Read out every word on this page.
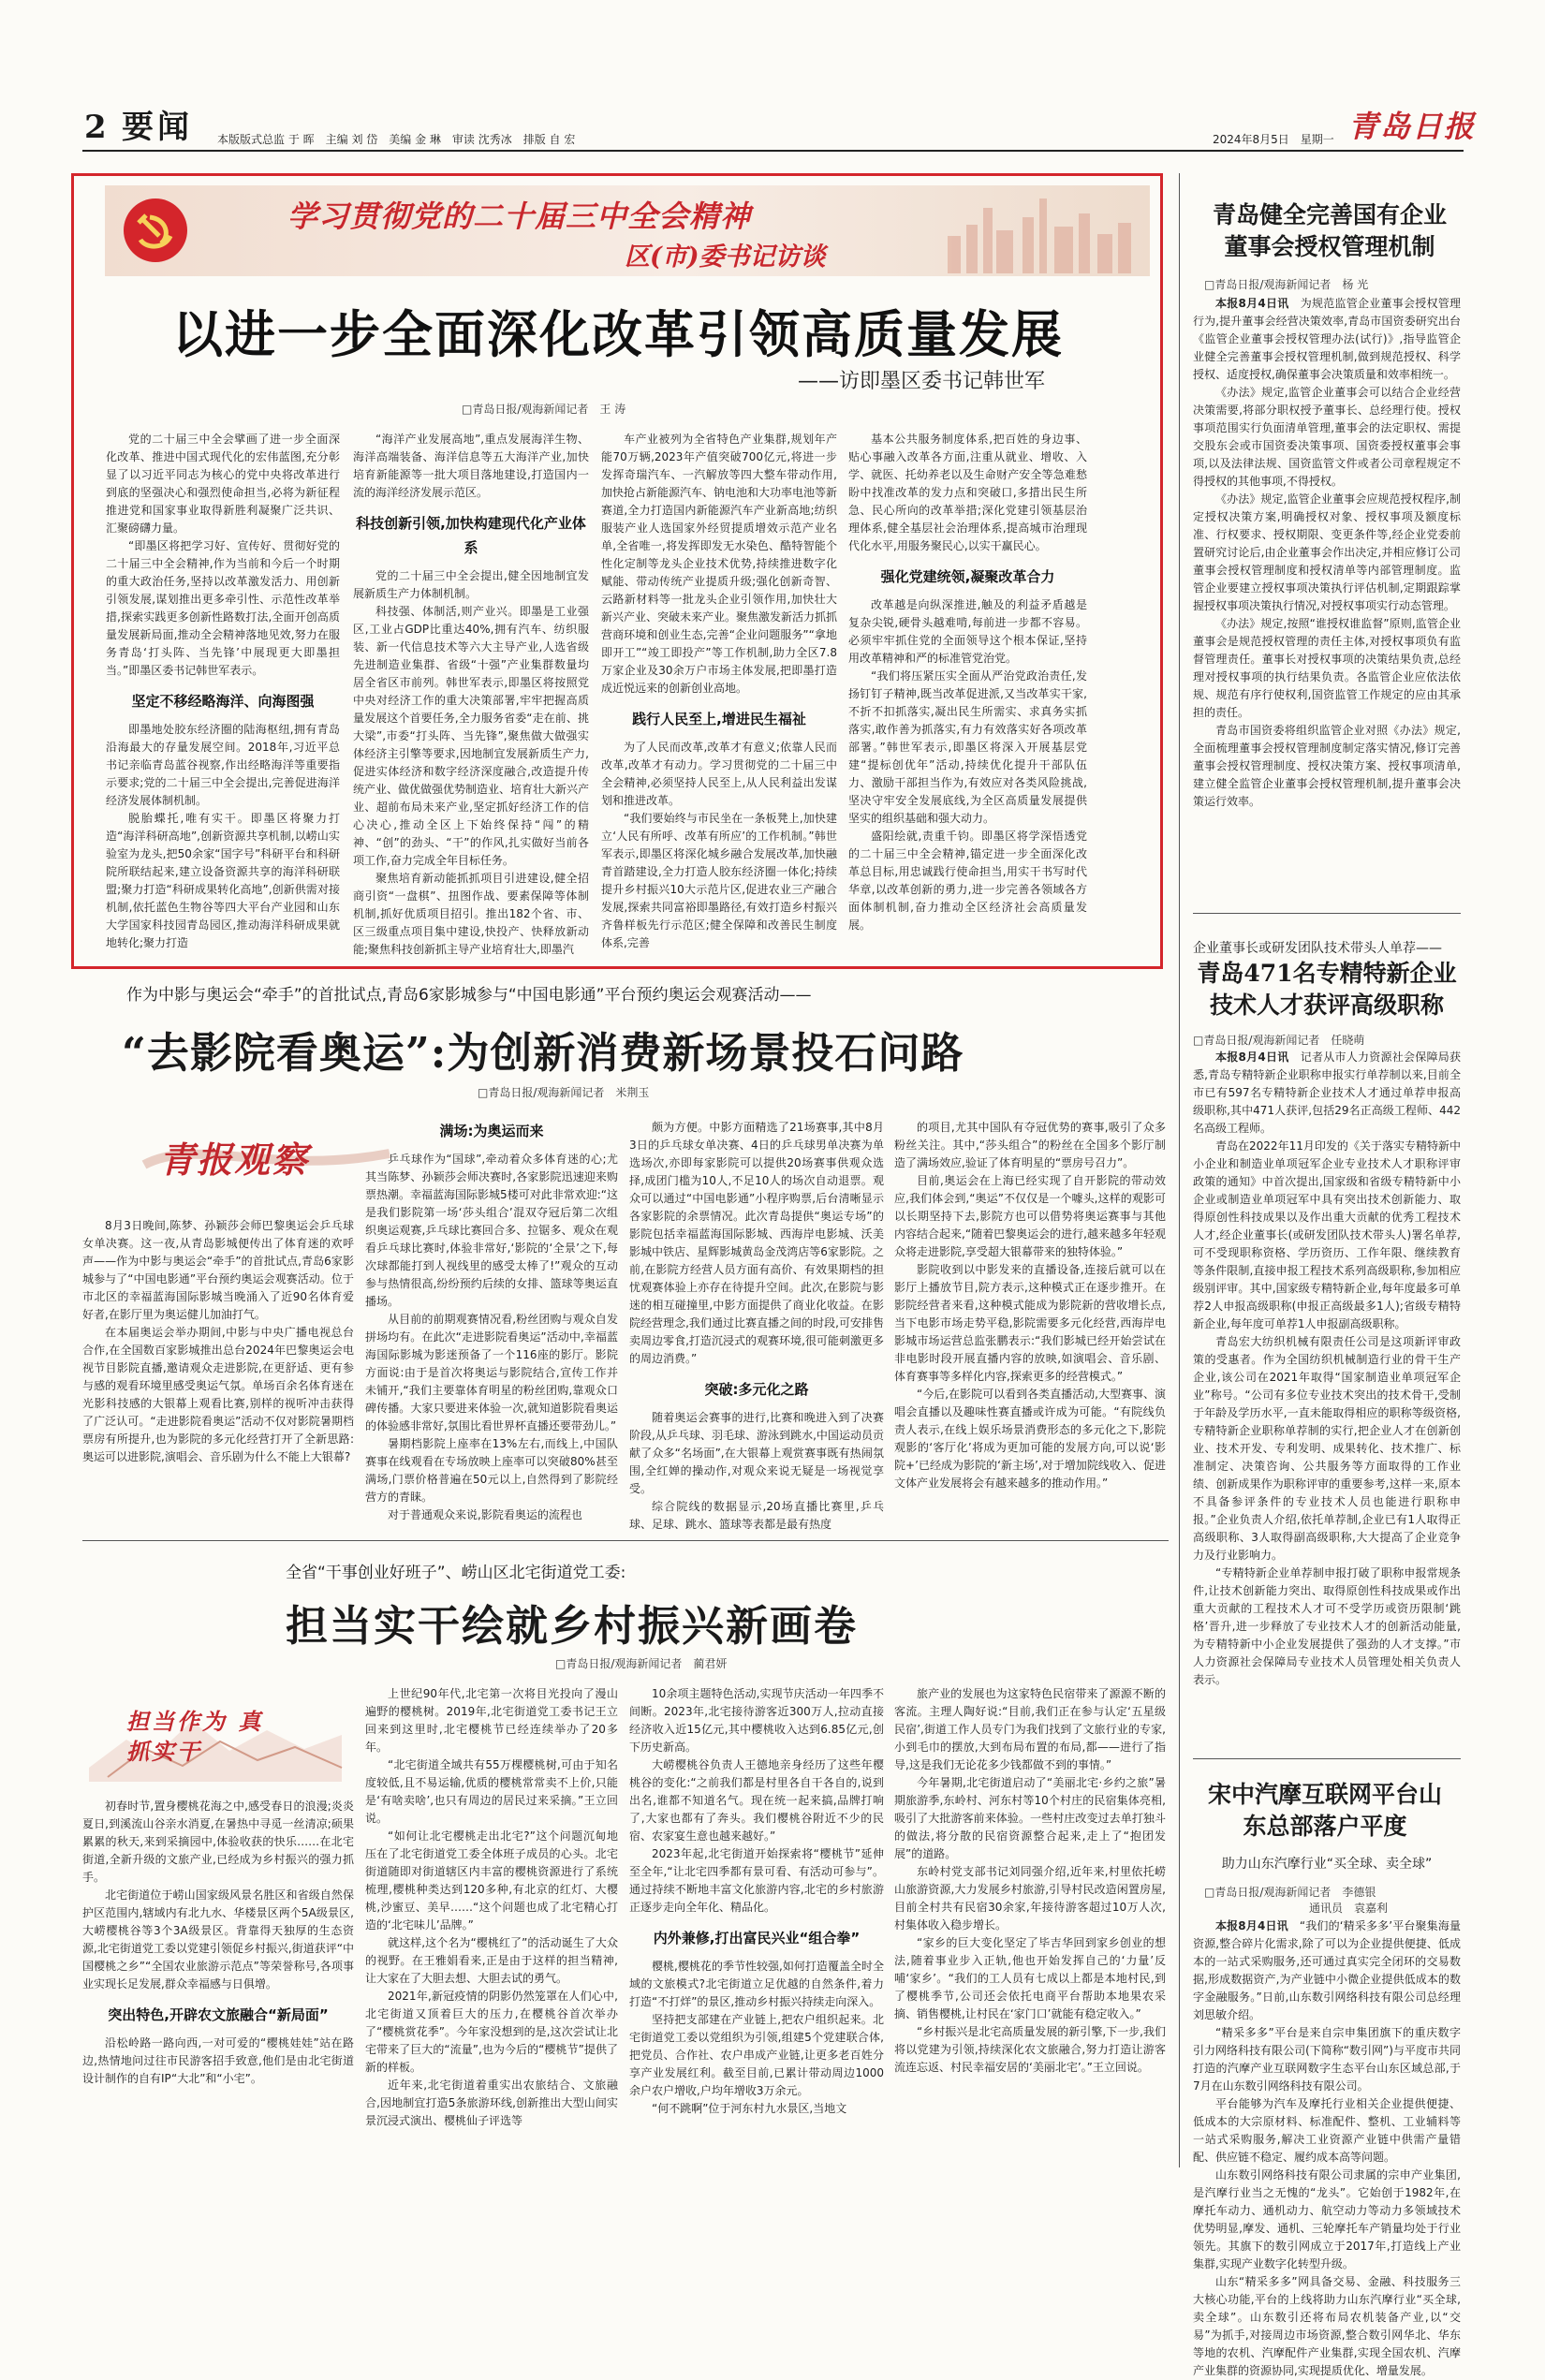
2 要闻 本版版式总监 于 晖　主编 刘 岱　美编 金 琳　审读 沈秀冰　排版 自 宏	2024年8月5日　星期一 青岛日报
学习贯彻党的二十届三中全会精神
区(市)委书记访谈
以进一步全面深化改革引领高质量发展
——访即墨区委书记韩世军
□青岛日报/观海新闻记者　王 涛

党的二十届三中全会擘画了进一步全面深化改革、推进中国式现代化的宏伟蓝图,充分彰显了以习近平同志为核心的党中央将改革进行到底的坚强决心和强烈使命担当,必将为新征程推进党和国家事业取得新胜利凝聚广泛共识、汇聚磅礴力量。

“即墨区将把学习好、宣传好、贯彻好党的二十届三中全会精神,作为当前和今后一个时期的重大政治任务,坚持以改革激发活力、用创新引领发展,谋划推出更多牵引性、示范性改革举措,探索实践更多创新性路数打法,全面开创高质量发展新局面,推动全会精神落地见效,努力在服务青岛‘打头阵、当先锋’中展现更大即墨担当。”即墨区委书记韩世军表示。

坚定不移经略海洋、向海图强

即墨地处胶东经济圈的陆海枢纽,拥有青岛沿海最大的存量发展空间。2018年,习近平总书记亲临青岛蓝谷视察,作出经略海洋等重要指示要求;党的二十届三中全会提出,完善促进海洋经济发展体制机制。

脱胎蝶托,唯有实干。即墨区将聚力打造“海洋科研高地”,创新资源共享机制,以崂山实验室为龙头,把50余家“国字号”科研平台和科研院所联结起来,建立设备资源共享的海洋科研联盟;聚力打造“科研成果转化高地”,创新供需对接机制,依托蓝色生物谷等四大平台产业园和山东大学国家科技园青岛园区,推动海洋科研成果就地转化;聚力打造

“海洋产业发展高地”,重点发展海洋生物、海洋高端装备、海洋信息等五大海洋产业,加快培育新能源等一批大项目落地建设,打造国内一流的海洋经济发展示范区。

科技创新引领,加快构建现代化产业体系

党的二十届三中全会提出,健全因地制宜发展新质生产力体制机制。

科技强、体制活,则产业兴。即墨是工业强区,工业占GDP比重达40%,拥有汽车、纺织服装、新一代信息技术等六大主导产业,人选省级先进制造业集群、省级“十强”产业集群数量均居全省区市前列。韩世军表示,即墨区将按照党中央对经济工作的重大决策部署,牢牢把握高质量发展这个首要任务,全力服务省委“走在前、挑大梁”,市委“打头阵、当先锋”,聚焦做大做强实体经济主引擎等要求,因地制宜发展新质生产力,促进实体经济和数字经济深度融合,改造提升传统产业、做优做强优势制造业、培育壮大新兴产业、超前布局未来产业,坚定抓好经济工作的信心决心,推动全区上下始终保持“闯”的精神、“创”的劲头、“干”的作风,扎实做好当前各项工作,奋力完成全年目标任务。

聚焦培育新动能抓抓项目引进建设,健全招商引资“一盘棋”、扭图作战、要素保障等体制机制,抓好优质项目招引。推出182个省、市、区三级重点项目集中建设,快投产、快释放新动能;聚焦科技创新抓主导产业培育壮大,即墨汽

车产业被列为全省特色产业集群,规划年产能70万辆,2023年产值突破700亿元,将进一步发挥奇瑞汽车、一汽解放等四大整车带动作用,加快抢占新能源汽车、钠电池和大功率电池等新赛道,全力打造国内新能源汽车产业新高地;纺织服装产业人选国家外经贸提质增效示范产业名单,全省唯一,将发挥即发无水染色、酷特智能个性化定制等龙头企业技术优势,持续推进数字化赋能、带动传统产业提质升级;强化创新奇智、云路新材料等一批龙头企业引领作用,加快壮大新兴产业、突破未来产业。聚焦激发新活力抓抓营商环境和创业生态,完善“企业问题服务”“拿地即开工”“竣工即投产”等工作机制,助力全区7.8万家企业及30余万户市场主体发展,把即墨打造成近悦远来的创新创业高地。

践行人民至上,增进民生福祉

为了人民而改革,改革才有意义;依靠人民而改革,改革才有动力。学习贯彻党的二十届三中全会精神,必须坚持人民至上,从人民利益出发谋划和推进改革。

“我们要始终与市民坐在一条板凳上,加快建立‘人民有所呼、改革有所应’的工作机制。”韩世军表示,即墨区将深化城乡融合发展改革,加快融青首踏建设,全力打造人胶东经济圈一体化;持续提升乡村振兴10大示范片区,促进农业三产融合发展,探索共同富裕即墨路径,有效打造乡村振兴齐鲁样板先行示范区;健全保障和改善民生制度体系,完善

基本公共服务制度体系,把百姓的身边事、贴心事融入改革各方面,注重从就业、增收、入学、就医、托幼养老以及生命财产安全等急难愁盼中找准改革的发力点和突破口,多措出民生所急、民心所向的改革举措;深化党建引领基层治理体系,健全基层社会治理体系,提高城市治理现代化水平,用服务聚民心,以实干赢民心。

强化党建统领,凝聚改革合力

改革越是向纵深推进,触及的利益矛盾越是复杂尖锐,硬骨头越难啃,每前进一步都不容易。必须牢牢抓住党的全面领导这个根本保证,坚持用改革精神和严的标准管党治党。

“我们将压紧压实全面从严治党政治责任,发扬钉钉子精神,既当改革促进派,又当改革实干家,不折不扣抓落实,凝出民生所需实、求真务实抓落实,敢作善为抓落实,有力有效落实好各项改革部署。”韩世军表示,即墨区将深入开展基层党建“提标创优年”活动,持续优化提升干部队伍力、激励干部担当作为,有效应对各类风险挑战,坚决守牢安全发展底线,为全区高质量发展提供坚实的组织基础和强大动力。

盛阳绘就,责重千钧。即墨区将学深悟透党的二十届三中全会精神,锚定进一步全面深化改革总目标,用忠诚践行使命担当,用实干书写时代华章,以改革创新的勇力,进一步完善各领域各方面体制机制,奋力推动全区经济社会高质量发展。

青岛健全完善国有企业董事会授权管理机制
□青岛日报/观海新闻记者　杨 光

本报8月4日讯　 为规范监管企业董事会授权管理行为,提升董事会经营决策效率,青岛市国资委研究出台《监管企业董事会授权管理办法(试行)》,指导监管企业健全完善董事会授权管理机制,做到规范授权、科学授权、适度授权,确保董事会决策质量和效率相统一。

《办法》规定,监管企业董事会可以结合企业经营决策需要,将部分职权授予董事长、总经理行使。授权事项范围实行负面清单管理,董事会的法定职权、需提交股东会或市国资委决策事项、国资委授权董事会事项,以及法律法规、国资监管文件或者公司章程规定不得授权的其他事项,不得授权。

《办法》规定,监管企业董事会应规范授权程序,制定授权决策方案,明确授权对象、授权事项及额度标准、行权要求、授权期限、变更条件等,经企业党委前置研究讨论后,由企业董事会作出决定,并相应修订公司董事会授权管理制度和授权清单等内部管理制度。监管企业要建立授权事项决策执行评估机制,定期跟踪掌握授权事项决策执行情况,对授权事项实行动态管理。

《办法》规定,按照“谁授权谁监督”原则,监管企业董事会是规范授权管理的责任主体,对授权事项负有监督管理责任。董事长对授权事项的决策结果负责,总经理对授权事项的执行结果负责。各监管企业应依法依规、规范有序行使权利,国资监管工作规定的应由其承担的责任。

青岛市国资委将组织监管企业对照《办法》规定,全面梳理董事会授权管理制度制定落实情况,修订完善董事会授权管理制度、授权决策方案、授权事项清单,建立健全监管企业董事会授权管理机制,提升董事会决策运行效率。

企业董事长或研发团队技术带头人单荐——
青岛471名专精特新企业技术人才获评高级职称
□青岛日报/观海新闻记者　任晓萌

本报8月4日讯　 记者从市人力资源社会保障局获悉,青岛专精特新企业职称申报实行单荐制以来,目前全市已有597名专精特新企业技术人才通过单荐申报高级职称,其中471人获评,包括29名正高级工程师、442名高级工程师。

青岛在2022年11月印发的《关于落实专精特新中小企业和制造业单项冠军企业专业技术人才职称评审政策的通知》中首次提出,国家级和省级专精特新中小企业或制造业单项冠军中具有突出技术创新能力、取得原创性科技成果以及作出重大贡献的优秀工程技术人才,经企业董事长(或研发团队技术带头人)署名单荐,可不受现职称资格、学历资历、工作年限、继续教育等条件限制,直接申报工程技术系列高级职称,参加相应级别评审。其中,国家级专精特新企业,每年度最多可单荐2人申报高级职称(申报正高级最多1人);省级专精特新企业,每年度可单荐1人申报副高级职称。

青岛宏大纺织机械有限责任公司是这项新评审政策的受惠者。作为全国纺织机械制造行业的骨干生产企业,该公司在2021年取得“国家制造业单项冠军企业”称号。“公司有多位专业技术突出的技术骨干,受制于年龄及学历水平,一直未能取得相应的职称等级资格,专精特新企业职称单荐制的实行,把企业人才在创新创业、技术开发、专利发明、成果转化、技术推广、标准制定、决策咨询、公共服务等方面取得的工作业绩、创新成果作为职称评审的重要参考,这样一来,原本不具备参评条件的专业技术人员也能进行职称申报。”企业负责人介绍,依托单荐制,企业已有1人取得正高级职称、3人取得副高级职称,大大提高了企业竞争力及行业影响力。

“专精特新企业单荐制申报打破了职称申报常规条件,让技术创新能力突出、取得原创性科技成果或作出重大贡献的工程技术人才可不受学历或资历限制‘跳格’晋升,进一步释放了专业技术人才的创新活动能量,为专精特新中小企业发展提供了强劲的人才支撑。”市人力资源社会保障局专业技术人员管理处相关负责人表示。

宋中汽摩互联网平台山东总部落户平度
助力山东汽摩行业“买全球、卖全球”
□青岛日报/观海新闻记者　李德银
通讯员　袁嘉利

本报8月4日讯　 “我们的‘精采多多’平台聚集海量资源,整合碎片化需求,除了可以为企业提供便捷、低成本的一站式采购服务,还可通过真实完全闭环的交易数据,形成数据资产,为产业链中小微企业提供低成本的数字金融服务。”日前,山东数引网络科技有限公司总经理刘思敏介绍。

“精采多多”平台是来自宗申集团旗下的重庆数字引力网络科技有限公司(下简称“数引网”)与平度市共同打造的汽摩产业互联网数字生态平台山东区域总部,于7月在山东数引网络科技有限公司。

平台能够为汽车及摩托行业相关企业提供便捷、低成本的大宗原材料、标准配件、整机、工业辅料等一站式采购服务,解决工业资源产业链中供需产量错配、供应链不稳定、履约成本高等问题。

山东数引网络科技有限公司隶属的宗申产业集团,是汽摩行业当之无愧的“龙头”。它始创于1982年,在摩托车动力、通机动力、航空动力等动力多领域技术优势明显,摩发、通机、三轮摩托车产销量均处于行业领先。其旗下的数引网成立于2017年,打造线上产业集群,实现产业数字化转型升级。

山东“精采多多”网具备交易、金融、科技服务三大核心功能,平台的上线将助力山东汽摩行业“买全球,卖全球”。山东数引还将布局农机装备产业,以“交易”为抓手,对接周边市场资源,整合数引网华北、华东等地的农机、汽摩配件产业集群,实现全国农机、汽摩产业集群的资源协同,实现提质优化、增量发展。

作为中影与奥运会“牵手”的首批试点,青岛6家影城参与“中国电影通”平台预约奥运会观赛活动——
“去影院看奥运”:为创新消费新场景投石问路
□青岛日报/观海新闻记者　米荆玉
青报观察

8月3日晚间,陈梦、孙颖莎会师巴黎奥运会乒乓球女单决赛。这一夜,从青岛影城便传出了体育迷的欢呼声——作为中影与奥运会“牵手”的首批试点,青岛6家影城参与了“中国电影通”平台预约奥运会观赛活动。位于市北区的幸福蓝海国际影城当晚涌入了近90名体育爱好者,在影厅里为奥运健儿加油打气。

在本届奥运会举办期间,中影与中央广播电视总台合作,在全国数百家影城推出总台2024年巴黎奥运会电视节目影院直播,邀请观众走进影院,在更舒适、更有参与感的观看环境里感受奥运气氛。单场百余名体育迷在光影科技感的大银幕上观看比赛,别样的视听冲击获得了广泛认可。“走进影院看奥运”活动不仅对影院暑期档票房有所提升,也为影院的多元化经营打开了全新思路:奥运可以进影院,演唱会、音乐剧为什么不能上大银幕?

满场:为奥运而来

乒乓球作为“国球”,牵动着众多体育迷的心;尤其当陈梦、孙颖莎会师决赛时,各家影院迅速迎来购票热潮。幸福蓝海国际影城5楼可对此非常欢迎:“这是我们影院第一场‘莎头组合’混双夺冠后第二次组织奥运观赛,乒乓球比赛回合多、拉锯多、观众在观看乒乓球比赛时,体验非常好,‘影院的‘全景’之下,每次球都能打到人视线里的感受太棒了!”观众的互动参与热情很高,纷纷预约后续的女排、篮球等奥运直播场。

从目前的前期观赛情况看,粉丝团购与观众自发拼场均有。在此次“走进影院看奥运”活动中,幸福蓝海国际影城为影迷预备了一个116座的影厅。影院方面说:由于是首次将奥运与影院结合,宣传工作并未铺开,“我们主要靠体育明星的粉丝团购,靠观众口碑传播。大家只要进来体验一次,就知道影院看奥运的体验感非常好,氛围比看世界杯直播还要带劲儿。”

暑期档影院上座率在13%左右,而线上,中国队赛事在线观看在专场放映上座率可以突破80%甚至满场,门票价格普遍在50元以上,自然得到了影院经营方的青睐。

对于普通观众来说,影院看奥运的流程也

颇为方便。中影方面精选了21场赛事,其中8月3日的乒乓球女单决赛、4日的乒乓球男单决赛为单选场次,亦即每家影院可以提供20场赛事供观众选择,成团门槛为10人,不足10人的场次自动退票。观众可以通过“中国电影通”小程序购票,后台清晰显示各家影院的余票情况。此次青岛提供“奥运专场”的影院包括幸福蓝海国际影城、西海岸电影城、沃美影城中铁店、星辉影城黄岛金茂湾店等6家影院。之前,在影院方经营人员方面有高价、有效果期档的担忧观赛体验上亦存在待提升空间。此次,在影院与影迷的相互碰撞里,中影方面提供了商业化收益。在影院经营理念,我们通过比赛直播之间的时段,可安排售卖周边零食,打造沉浸式的观赛环境,很可能刺激更多的周边消费。”

突破:多元化之路

随着奥运会赛事的进行,比赛和晚进入到了决赛阶段,从乒乓球、羽毛球、游泳到跳水,中国运动员贡献了众多“名场面”,在大银幕上观赏赛事既有热闹氛围,全红婵的操动作,对观众来说无疑是一场视觉享受。

综合院线的数据显示,20场直播比赛里,乒乓球、足球、跳水、篮球等表都是最有热度

的项目,尤其中国队有夺冠优势的赛事,吸引了众多粉丝关注。其中,“莎头组合”的粉丝在全国多个影厅制造了满场效应,验证了体育明星的“票房号召力”。

目前,奥运会在上海已经实现了自开影院的带动效应,我们体会到,“奥运”不仅仅是一个噱头,这样的观影可以长期坚持下去,影院方也可以借势将奥运赛事与其他内容结合起来,“随着巴黎奥运会的进行,越来越多年轻观众将走进影院,享受超大银幕带来的独特体验。”

影院收到以中影发来的直播设备,连接后就可以在影厅上播放节目,院方表示,这种模式正在逐步推开。在影院经营者来看,这种模式能成为影院新的营收增长点,当下电影市场走势平稳,影院需要多元化经营,西海岸电影城市场运营总监张鹏表示:“我们影城已经开始尝试在非电影时段开展直播内容的放映,如演唱会、音乐剧、体育赛事等多样化内容,探索更多的经营模式。”

“今后,在影院可以看到各类直播活动,大型赛事、演唱会直播以及趣味性赛直播或许成为可能。“有院线负责人表示,在线上娱乐场景消费形态的多元化之下,影院观影的‘客厅化’将成为更加可能的发展方向,可以说‘影院+’已经成为影院的‘新主场’,对于增加院线收入、促进文体产业发展将会有越来越多的推动作用。”

全省“干事创业好班子”、崂山区北宅街道党工委:
担当实干绘就乡村振兴新画卷
□青岛日报/观海新闻记者　蔺君妍
担当作为 真抓实干

初春时节,置身樱桃花海之中,感受春日的浪漫;炎炎夏日,到溪流山谷亲水消夏,在暑热中寻觅一丝清凉;硕果累累的秋天,来到采摘园中,体验收获的快乐……在北宅街道,全新升级的文旅产业,已经成为乡村振兴的强力抓手。

北宅街道位于崂山国家级风景名胜区和省级自然保护区范围内,辖域内有北九水、华楼景区两个5A级景区,大崂樱桃谷等3个3A级景区。背靠得天独厚的生态资源,北宅街道党工委以党建引领促乡村振兴,街道获评“中国樱桃之乡”“全国农业旅游示范点”等荣誉称号,各项事业实现长足发展,群众幸福感与日俱增。

突出特色,开辟农文旅融合“新局面”

沿松岭路一路向西,一对可爱的“樱桃娃娃”站在路边,热情地问过往市民游客招手致意,他们是由北宅街道设计制作的自有IP“大北”和“小宅”。

上世纪90年代,北宅第一次将目光投向了漫山遍野的樱桃树。2019年,北宅街道党工委书记王立回来到这里时,北宅樱桃节已经连续举办了20多年。

“北宅街道全域共有55万棵樱桃树,可由于知名度较低,且不易运输,优质的樱桃常常卖不上价,只能是‘有啥卖啥’,也只有周边的居民过来采摘。”王立回说。

“如何让北宅樱桃走出北宅?”这个问题沉甸地压在了北宅街道党工委全体班子成员的心头。北宅街道随即对街道辖区内丰富的樱桃资源进行了系统梳理,樱桃种类达到120多种,有北京的红灯、大樱桃,沙蜜豆、美早……“这个问题也成了北宅精心打造的‘北宅味儿’品牌。”

就这样,这个名为“樱桃红了”的活动诞生了大众的视野。在王雅娟看来,正是由于这样的担当精神,让大家在了大胆去想、大胆去试的勇气。

2021年,新冠疫情的阴影仍然笼罩在人们心中,北宅街道又顶着巨大的压力,在樱桃谷首次举办了“樱桃赏花季”。今年家没想到的是,这次尝试让北宅带来了巨大的“流量”,也为今后的“樱桃节”提供了新的样板。

近年来,北宅街道着重实出农旅结合、文旅融合,因地制宜打造5条旅游环线,创新推出大型山间实景沉浸式演出、樱桃仙子评选等

10余项主题特色活动,实现节庆活动一年四季不间断。2023年,北宅接待游客近300万人,拉动直接经济收入近15亿元,其中樱桃收入达到6.85亿元,创下历史新高。

大崂樱桃谷负责人王德地亲身经历了这些年樱桃谷的变化:“之前我们都是村里各自干各自的,说到出名,谁都不知道名气。现在统一起来搞,品牌打响了,大家也都有了奔头。我们樱桃谷附近不少的民宿、农家宴生意也越来越好。”

2023年起,北宅街道开始探索将“樱桃节”延伸至全年,“让北宅四季都有景可看、有活动可参与”。通过持续不断地丰富文化旅游内容,北宅的乡村旅游正逐步走向全年化、精品化。

内外兼修,打出富民兴业“组合拳”

樱桃,樱桃花的季节性较强,如何打造覆盖全时全域的文旅模式?北宅街道立足优越的自然条件,着力打造“不打烊”的景区,推动乡村振兴持续走向深入。

坚持把支部建在产业链上,把农户组织起来。北宅街道党工委以党组织为引领,组建5个党建联合体,把党员、合作社、农户串成产业链,让更多老百姓分享产业发展红利。截至目前,已累计带动周边1000余户农户增收,户均年增收3万余元。

“何不跳啊”位于河东村九水景区,当地文

旅产业的发展也为这家特色民宿带来了源源不断的客流。主理人陶好说:“目前,我们正在参与认定‘五星级民宿’,街道工作人员专门为我们找到了文旅行业的专家,小到毛巾的摆放,大到布局布置的布局,都——进行了指导,这是我们无论花多少钱都做不到的事情。”

今年暑期,北宅街道启动了“美丽北宅·乡约之旅”暑期旅游季,东岭村、河东村等10个村庄的民宿集体亮相,吸引了大批游客前来体验。一些村庄改变过去单打独斗的做法,将分散的民宿资源整合起来,走上了“抱团发展”的道路。

东岭村党支部书记刘同强介绍,近年来,村里依托崂山旅游资源,大力发展乡村旅游,引导村民改造闲置房屋,目前全村共有民宿30余家,年接待游客超过10万人次,村集体收入稳步增长。

“家乡的巨大变化坚定了毕吉华回到家乡创业的想法,随着事业步入正轨,他也开始发挥自己的‘力量’反哺‘家乡’。“我们的工人员有七成以上都是本地村民,到了樱桃季节,公司还会依托电商平台帮助本地果农采摘、销售樱桃,让村民在‘家门口’就能有稳定收入。”

“乡村振兴是北宅高质量发展的新引擎,下一步,我们将以党建为引领,持续深化农文旅融合,努力打造让游客流连忘返、村民幸福安居的‘美丽北宅’。”王立回说。
